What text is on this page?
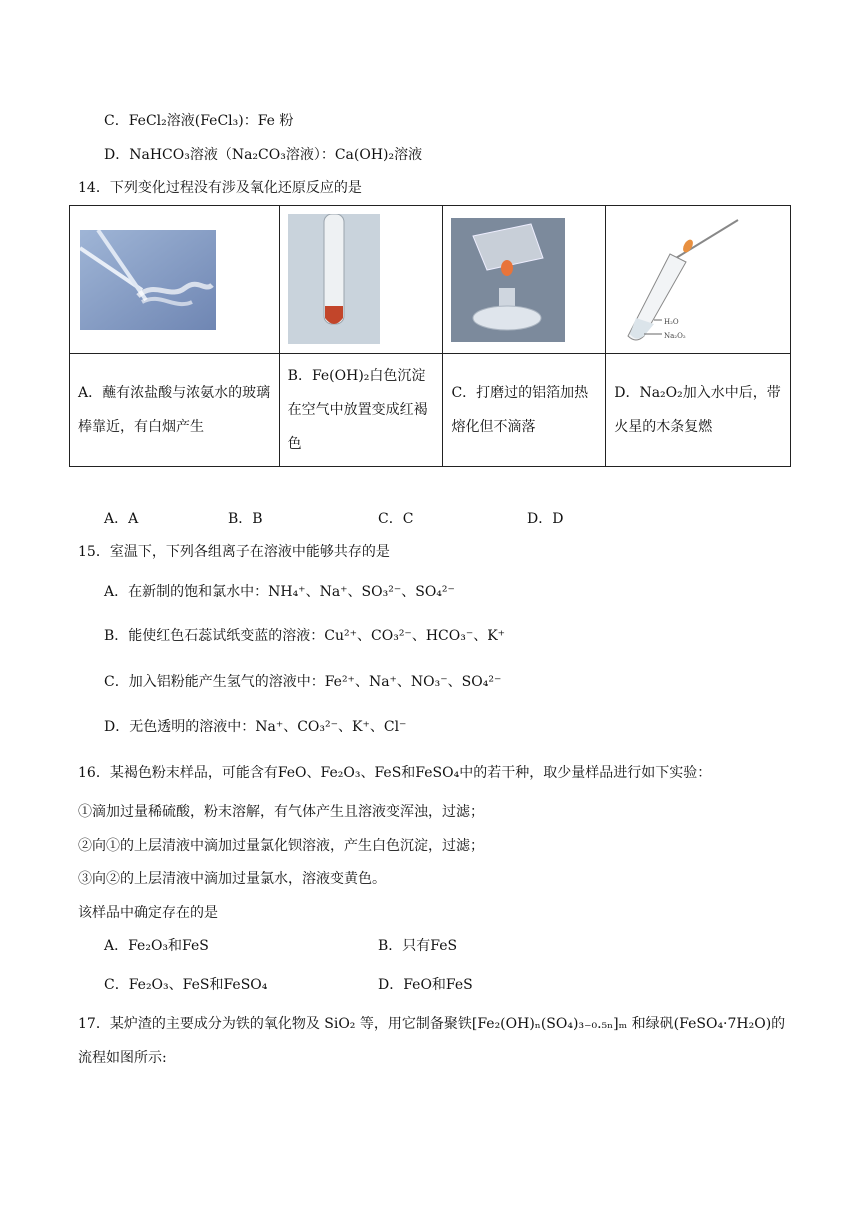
C．FeCl₂溶液(FeCl₃)：Fe 粉
D．NaHCO₃溶液（Na₂CO₃溶液）：Ca(OH)₂溶液
14．下列变化过程没有涉及氧化还原反应的是

H₂O
Na₂O₂

A．蘸有浓盐酸与浓氨水的玻璃棒靠近，有白烟产生	B．Fe(OH)₂白色沉淀在空气中放置变成红褐色	C．打磨过的铝箔加热熔化但不滴落	D．Na₂O₂加入水中后，带火星的木条复燃
A．A	B．B	C．C	D．D
15．室温下，下列各组离子在溶液中能够共存的是
A．在新制的饱和氯水中：NH₄⁺、Na⁺、SO₃²⁻、SO₄²⁻
B．能使红色石蕊试纸变蓝的溶液：Cu²⁺、CO₃²⁻、HCO₃⁻、K⁺
C．加入铝粉能产生氢气的溶液中：Fe²⁺、Na⁺、NO₃⁻、SO₄²⁻
D．无色透明的溶液中：Na⁺、CO₃²⁻、K⁺、Cl⁻
16．某褐色粉末样品，可能含有FeO、Fe₂O₃、FeS和FeSO₄中的若干种，取少量样品进行如下实验：
①滴加过量稀硫酸，粉末溶解，有气体产生且溶液变浑浊，过滤；
②向①的上层清液中滴加过量氯化钡溶液，产生白色沉淀，过滤；
③向②的上层清液中滴加过量氯水，溶液变黄色。
该样品中确定存在的是
A．Fe₂O₃和FeS	B．只有FeS
C．Fe₂O₃、FeS和FeSO₄	D．FeO和FeS
17．某炉渣的主要成分为铁的氧化物及 SiO₂ 等，用它制备聚铁[Fe₂(OH)ₙ(SO₄)₃₋₀.₅ₙ]ₘ 和绿矾(FeSO₄·7H₂O)的
流程如图所示:
